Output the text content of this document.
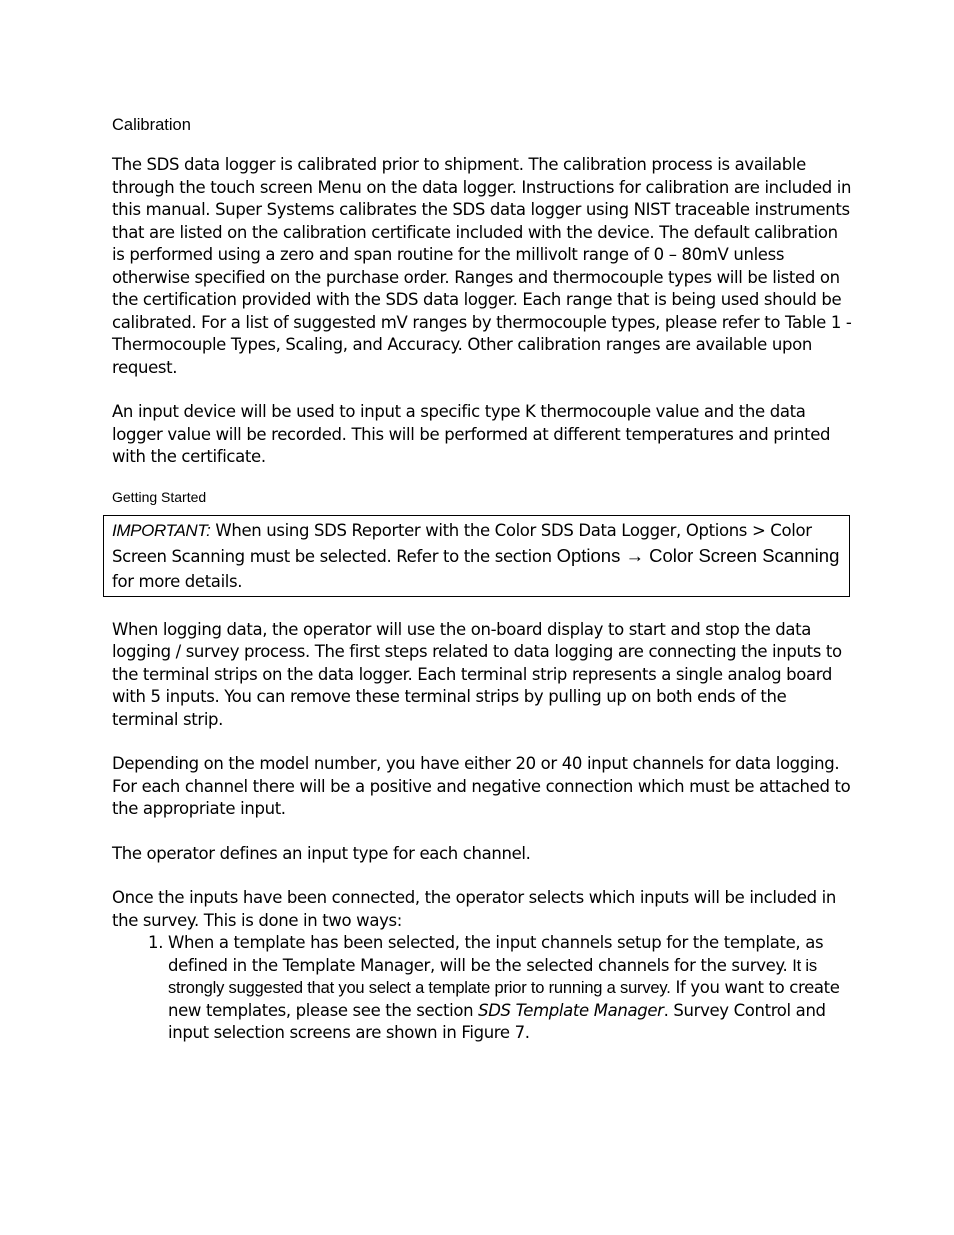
Calibration

The SDS data logger is calibrated prior to shipment. The calibration process is available through the touch screen Menu on the data logger. Instructions for calibration are included in this manual. Super Systems calibrates the SDS data logger using NIST traceable instruments that are listed on the calibration certificate included with the device. The default calibration is performed using a zero and span routine for the millivolt range of 0 – 80mV unless otherwise specified on the purchase order. Ranges and thermocouple types will be listed on the certification provided with the SDS data logger. Each range that is being used should be calibrated. For a list of suggested mV ranges by thermocouple types, please refer to Table 1 - Thermocouple Types, Scaling, and Accuracy. Other calibration ranges are available upon request.

An input device will be used to input a specific type K thermocouple value and the data logger value will be recorded. This will be performed at different temperatures and printed with the certificate.

Getting Started
IMPORTANT: When using SDS Reporter with the Color SDS Data Logger, Options > Color Screen Scanning must be selected. Refer to the section Options → Color Screen Scanning for more details.

When logging data, the operator will use the on-board display to start and stop the data logging / survey process. The first steps related to data logging are connecting the inputs to the terminal strips on the data logger. Each terminal strip represents a single analog board with 5 inputs. You can remove these terminal strips by pulling up on both ends of the terminal strip.

Depending on the model number, you have either 20 or 40 input channels for data logging. For each channel there will be a positive and negative connection which must be attached to the appropriate input.

The operator defines an input type for each channel.

Once the inputs have been connected, the operator selects which inputs will be included in the survey. This is done in two ways:

1. When a template has been selected, the input channels setup for the template, as defined in the Template Manager, will be the selected channels for the survey. It is strongly suggested that you select a template prior to running a survey. If you want to create new templates, please see the section SDS Template Manager. Survey Control and input selection screens are shown in Figure 7.
